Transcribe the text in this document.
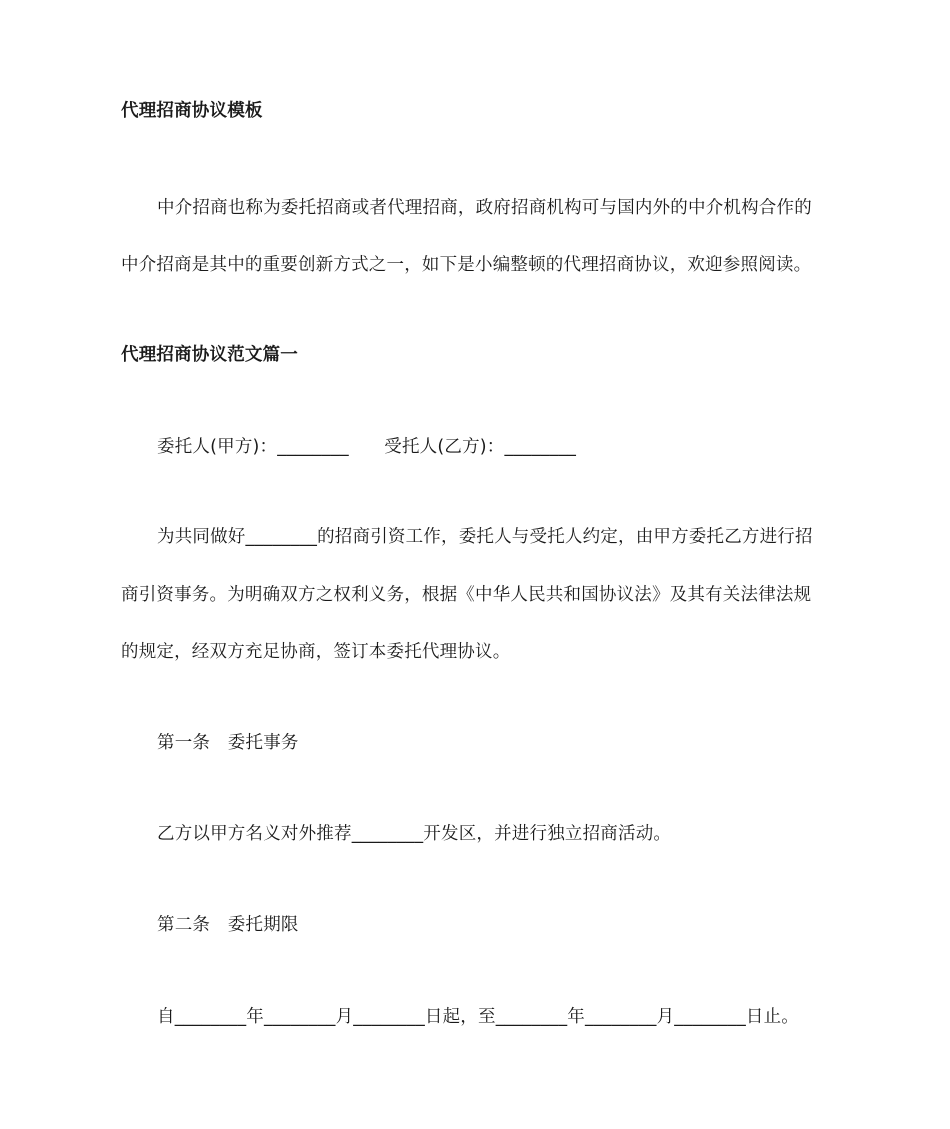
代理招商协议模板
中介招商也称为委托招商或者代理招商，政府招商机构可与国内外的中介机构合作的
中介招商是其中的重要创新方式之一，如下是小编整顿的代理招商协议，欢迎参照阅读。
代理招商协议范文篇一
委托人(甲方)：________　　受托人(乙方)：________
为共同做好________的招商引资工作，委托人与受托人约定，由甲方委托乙方进行招
商引资事务。为明确双方之权利义务，根据《中华人民共和国协议法》及其有关法律法规
的规定，经双方充足协商，签订本委托代理协议。
第一条　委托事务
乙方以甲方名义对外推荐________开发区，并进行独立招商活动。
第二条　委托期限
自________年________月________日起，至________年________月________日止。
